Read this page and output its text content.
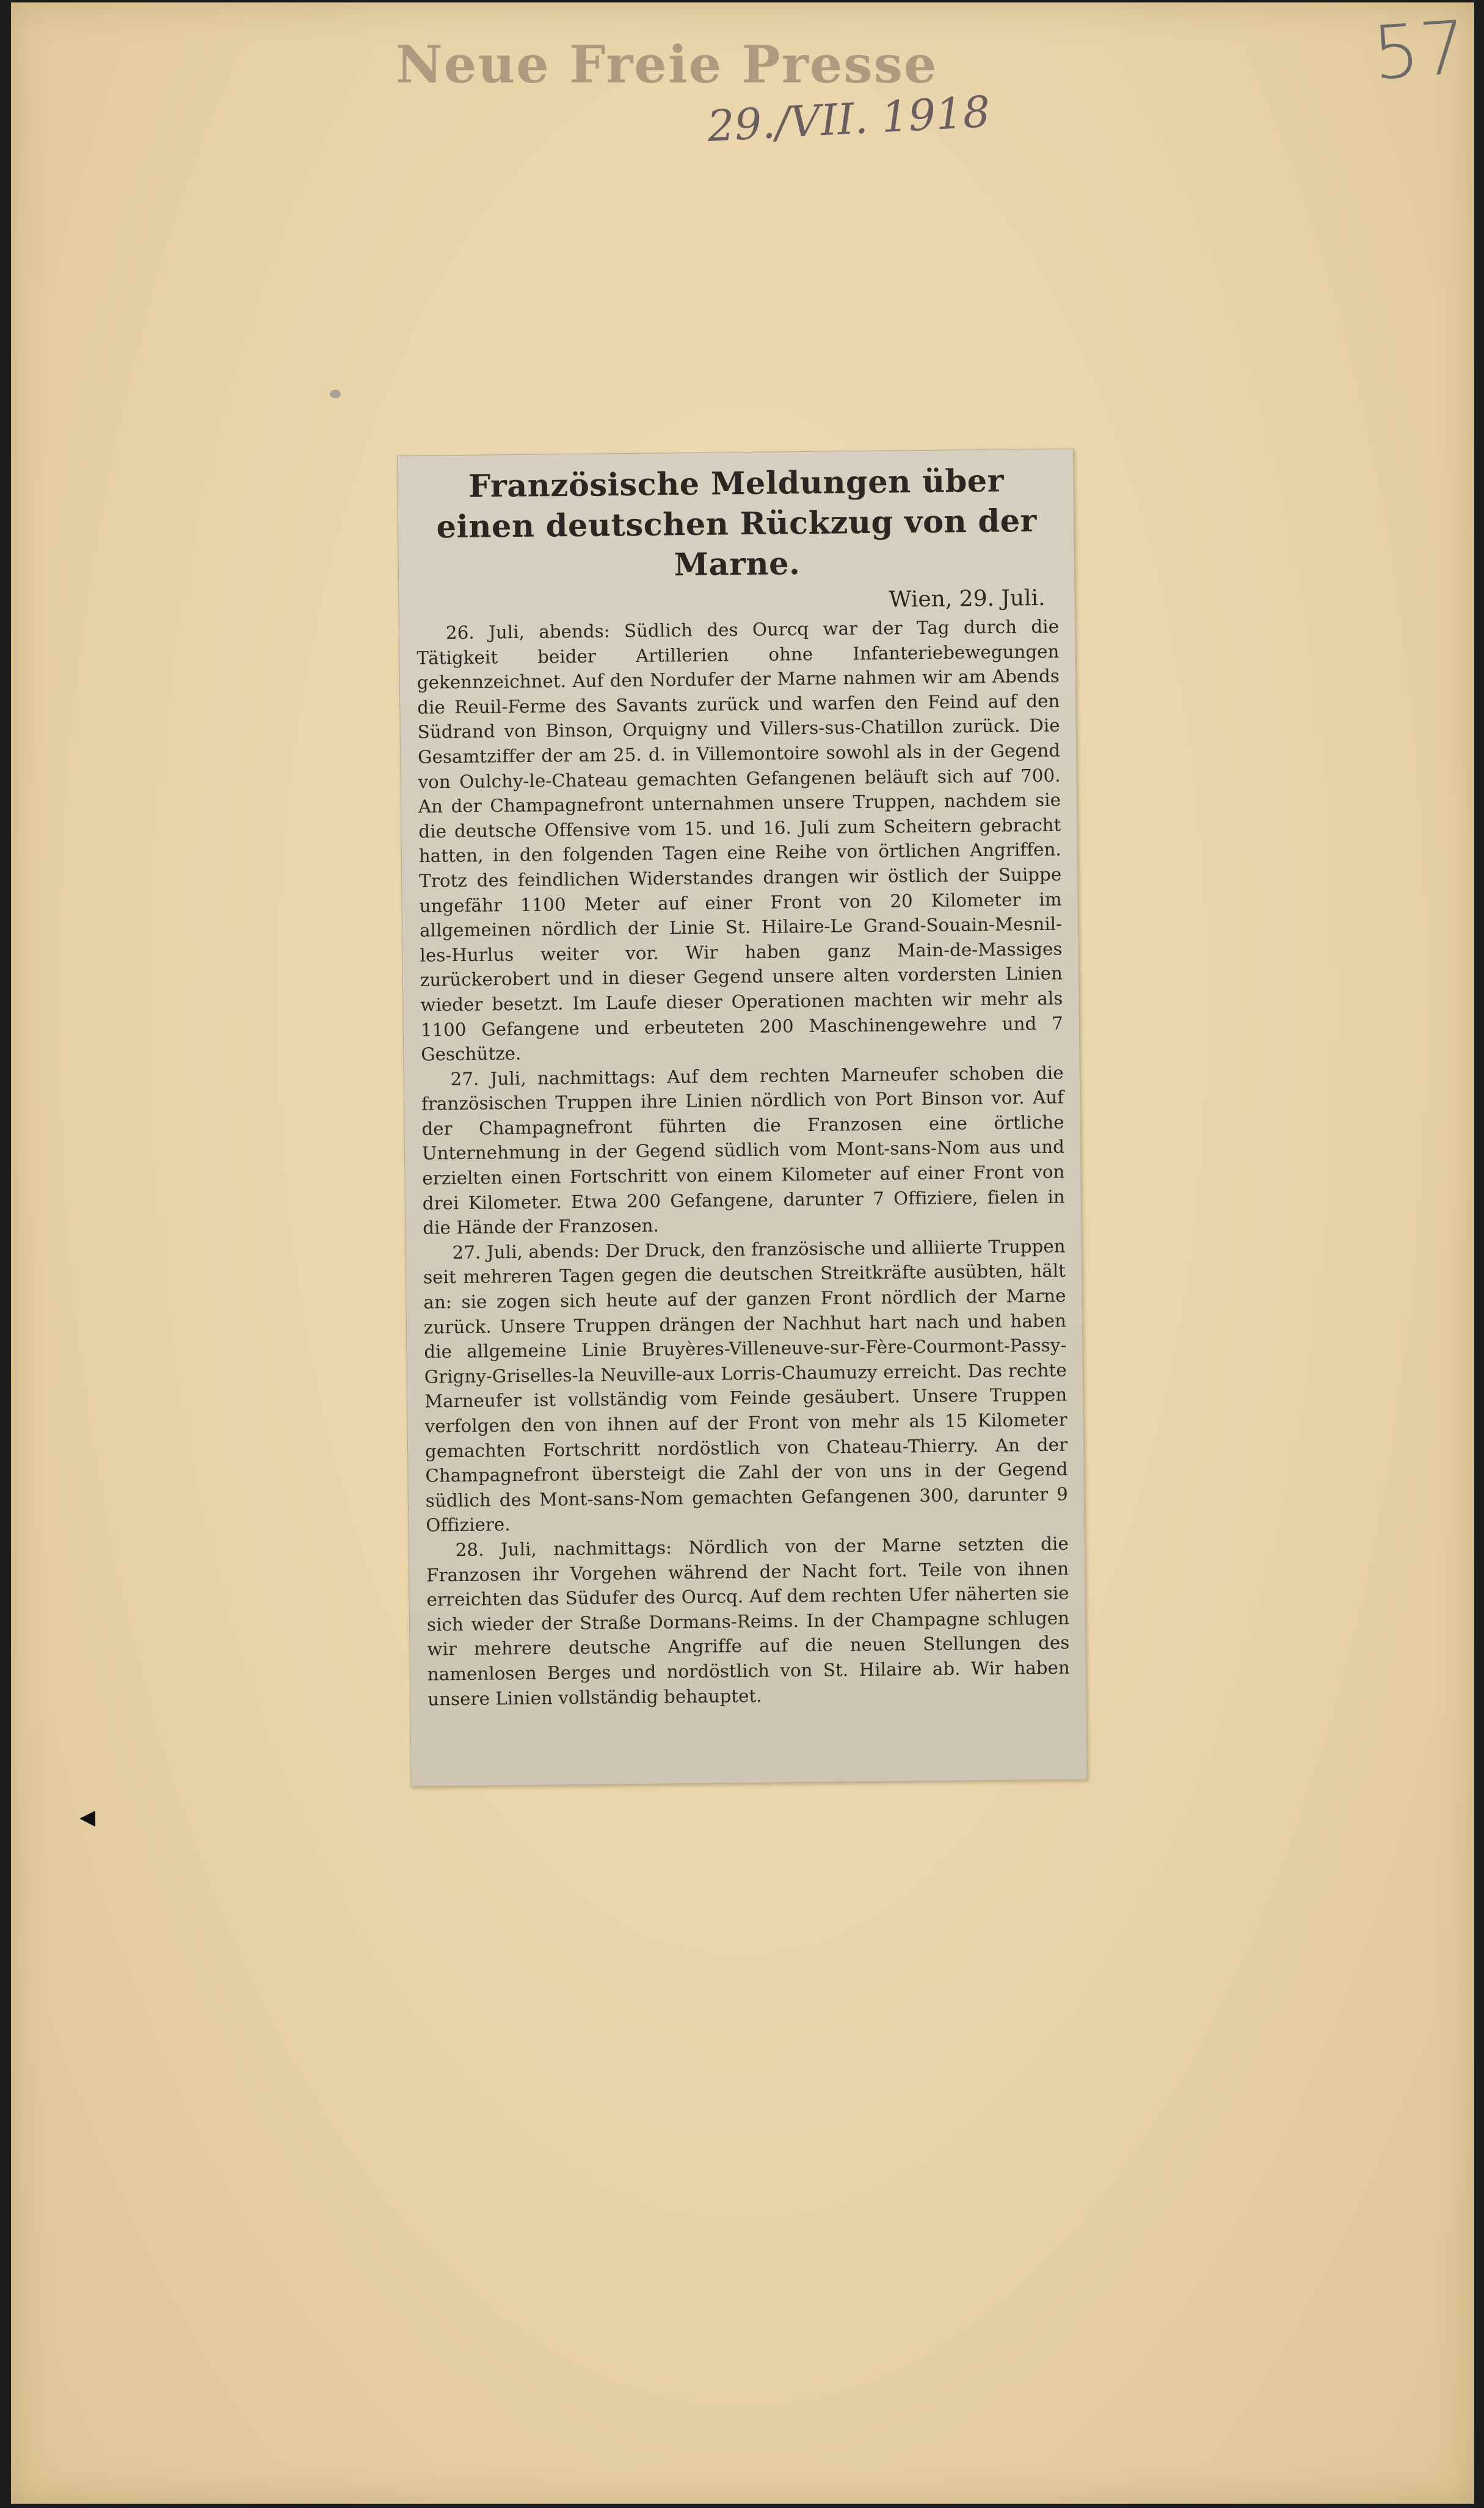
Neue Freie Presse
29./VII. 1918
57
◀
Französische Meldungen über einen deutschen Rückzug von der Marne.
Wien, 29. Juli.

26. Juli, abends: Südlich des Ourcq war der Tag durch die Tätigkeit beider Artillerien ohne Infanteriebewegungen gekennzeichnet. Auf den Nordufer der Marne nahmen wir am Abends die Reuil-Ferme des Savants zurück und warfen den Feind auf den Südrand von Binson, Orquigny und Villers-sus-Chatillon zurück. Die Gesamtziffer der am 25. d. in Villemontoire sowohl als in der Gegend von Oulchy-le-Chateau gemachten Gefangenen beläuft sich auf 700. An der Champagnefront unternahmen unsere Truppen, nachdem sie die deutsche Offensive vom 15. und 16. Juli zum Scheitern gebracht hatten, in den folgenden Tagen eine Reihe von örtlichen Angriffen. Trotz des feindlichen Widerstandes drangen wir östlich der Suippe ungefähr 1100 Meter auf einer Front von 20 Kilometer im allgemeinen nördlich der Linie St. Hilaire-Le Grand-Souain-Mesnil-les-Hurlus weiter vor. Wir haben ganz Main-de-Massiges zurückerobert und in dieser Gegend unsere alten vordersten Linien wieder besetzt. Im Laufe dieser Operationen machten wir mehr als 1100 Gefangene und erbeuteten 200 Maschinengewehre und 7 Geschütze.

27. Juli, nachmittags: Auf dem rechten Marneufer schoben die französischen Truppen ihre Linien nördlich von Port Binson vor. Auf der Champagnefront führten die Franzosen eine örtliche Unternehmung in der Gegend südlich vom Mont-sans-Nom aus und erzielten einen Fortschritt von einem Kilometer auf einer Front von drei Kilometer. Etwa 200 Gefangene, darunter 7 Offiziere, fielen in die Hände der Franzosen.

27. Juli, abends: Der Druck, den französische und alliierte Truppen seit mehreren Tagen gegen die deutschen Streitkräfte ausübten, hält an: sie zogen sich heute auf der ganzen Front nördlich der Marne zurück. Unsere Truppen drängen der Nachhut hart nach und haben die allgemeine Linie Bruyères-Villeneuve-sur-Fère-Courmont-Passy-Grigny-Griselles-la Neuville-aux Lorris-Chaumuzy erreicht. Das rechte Marneufer ist vollständig vom Feinde gesäubert. Unsere Truppen verfolgen den von ihnen auf der Front von mehr als 15 Kilometer gemachten Fortschritt nordöstlich von Chateau-Thierry. An der Champagnefront übersteigt die Zahl der von uns in der Gegend südlich des Mont-sans-Nom gemachten Gefangenen 300, darunter 9 Offiziere.

28. Juli, nachmittags: Nördlich von der Marne setzten die Franzosen ihr Vorgehen während der Nacht fort. Teile von ihnen erreichten das Südufer des Ourcq. Auf dem rechten Ufer näherten sie sich wieder der Straße Dormans-Reims. In der Champagne schlugen wir mehrere deutsche Angriffe auf die neuen Stellungen des namenlosen Berges und nordöstlich von St. Hilaire ab. Wir haben unsere Linien vollständig behauptet.
